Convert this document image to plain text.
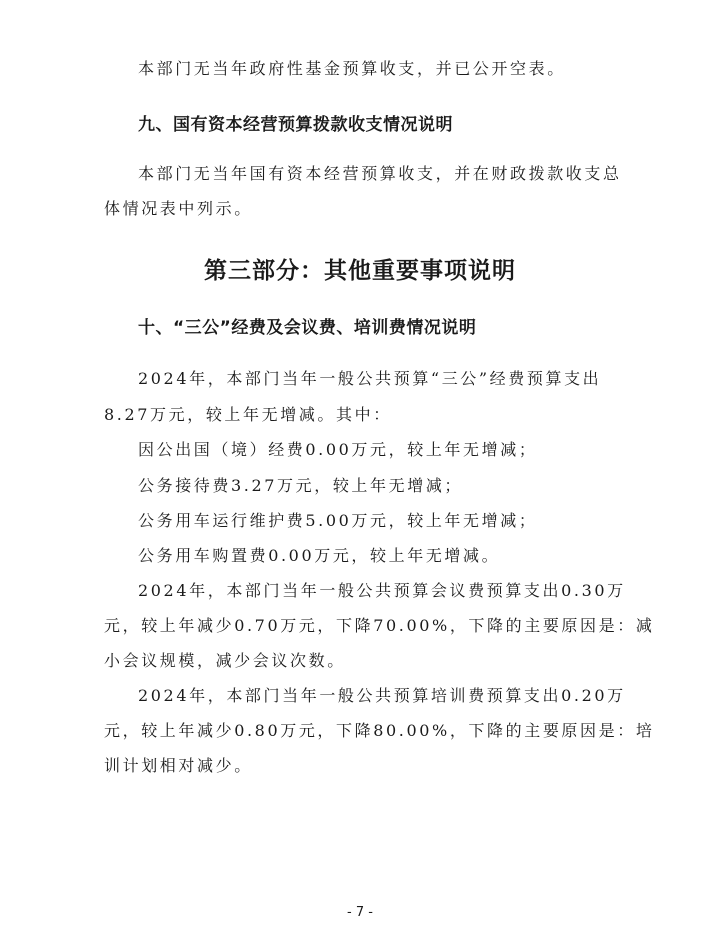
本部门无当年政府性基金预算收支，并已公开空表。
九、国有资本经营预算拨款收支情况说明
本部门无当年国有资本经营预算收支，并在财政拨款收支总
体情况表中列示。
第三部分：其他重要事项说明
十、“三公”经费及会议费、培训费情况说明
2024年，本部门当年一般公共预算“三公”经费预算支出
8.27万元，较上年无增减。其中：
因公出国（境）经费0.00万元，较上年无增减；
公务接待费3.27万元，较上年无增减；
公务用车运行维护费5.00万元，较上年无增减；
公务用车购置费0.00万元，较上年无增减。
2024年，本部门当年一般公共预算会议费预算支出0.30万
元，较上年减少0.70万元，下降70.00%，下降的主要原因是：减
小会议规模，减少会议次数。
2024年，本部门当年一般公共预算培训费预算支出0.20万
元，较上年减少0.80万元，下降80.00%，下降的主要原因是：培
训计划相对减少。
- 7 -
